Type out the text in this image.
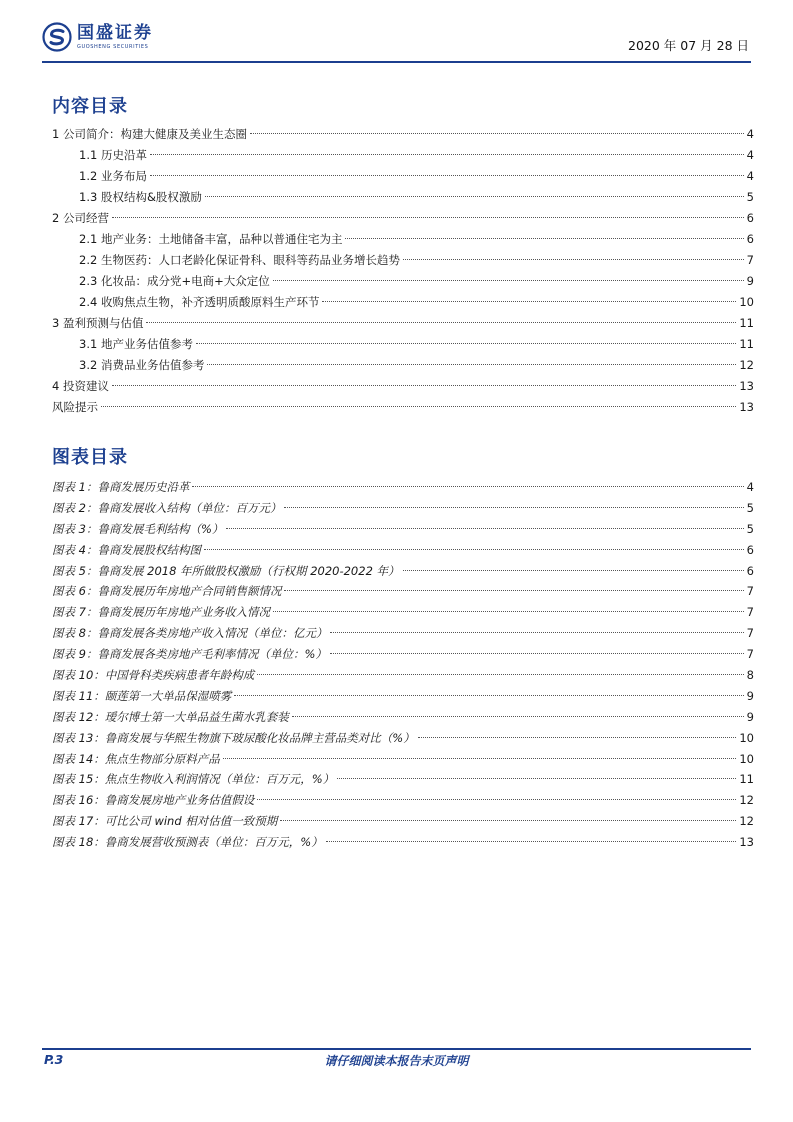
国盛证券
GUOSHENG SECURITIES	2020 年 07 月 28 日
内容目录
1 公司简介：构建大健康及美业生态圈	4
1.1 历史沿革	4
1.2 业务布局	4
1.3 股权结构&股权激励	5
2 公司经营	6
2.1 地产业务：土地储备丰富，品种以普通住宅为主	6
2.2 生物医药：人口老龄化保证骨科、眼科等药品业务增长趋势	7
2.3 化妆品：成分党+电商+大众定位	9
2.4 收购焦点生物，补齐透明质酸原料生产环节	10
3 盈利预测与估值	11
3.1 地产业务估值参考	11
3.2 消费品业务估值参考	12
4 投资建议	13
风险提示	13
图表目录
图表 1：鲁商发展历史沿革	4
图表 2：鲁商发展收入结构（单位：百万元）	5
图表 3：鲁商发展毛利结构（%）	5
图表 4：鲁商发展股权结构图	6
图表 5：鲁商发展 2018 年所做股权激励（行权期 2020-2022 年）	6
图表 6：鲁商发展历年房地产合同销售额情况	7
图表 7：鲁商发展历年房地产业务收入情况	7
图表 8：鲁商发展各类房地产收入情况（单位：亿元）	7
图表 9：鲁商发展各类房地产毛利率情况（单位：%）	7
图表 10：中国骨科类疾病患者年龄构成	8
图表 11：颐莲第一大单品保湿喷雾	9
图表 12：瑷尔博士第一大单品益生菌水乳套装	9
图表 13：鲁商发展与华熙生物旗下玻尿酸化妆品牌主营品类对比（%）	10
图表 14：焦点生物部分原料产品	10
图表 15：焦点生物收入利润情况（单位：百万元，%）	11
图表 16：鲁商发展房地产业务估值假设	12
图表 17：可比公司 wind 相对估值一致预期	12
图表 18：鲁商发展营收预测表（单位：百万元，%）	13
P.3	请仔细阅读本报告末页声明
